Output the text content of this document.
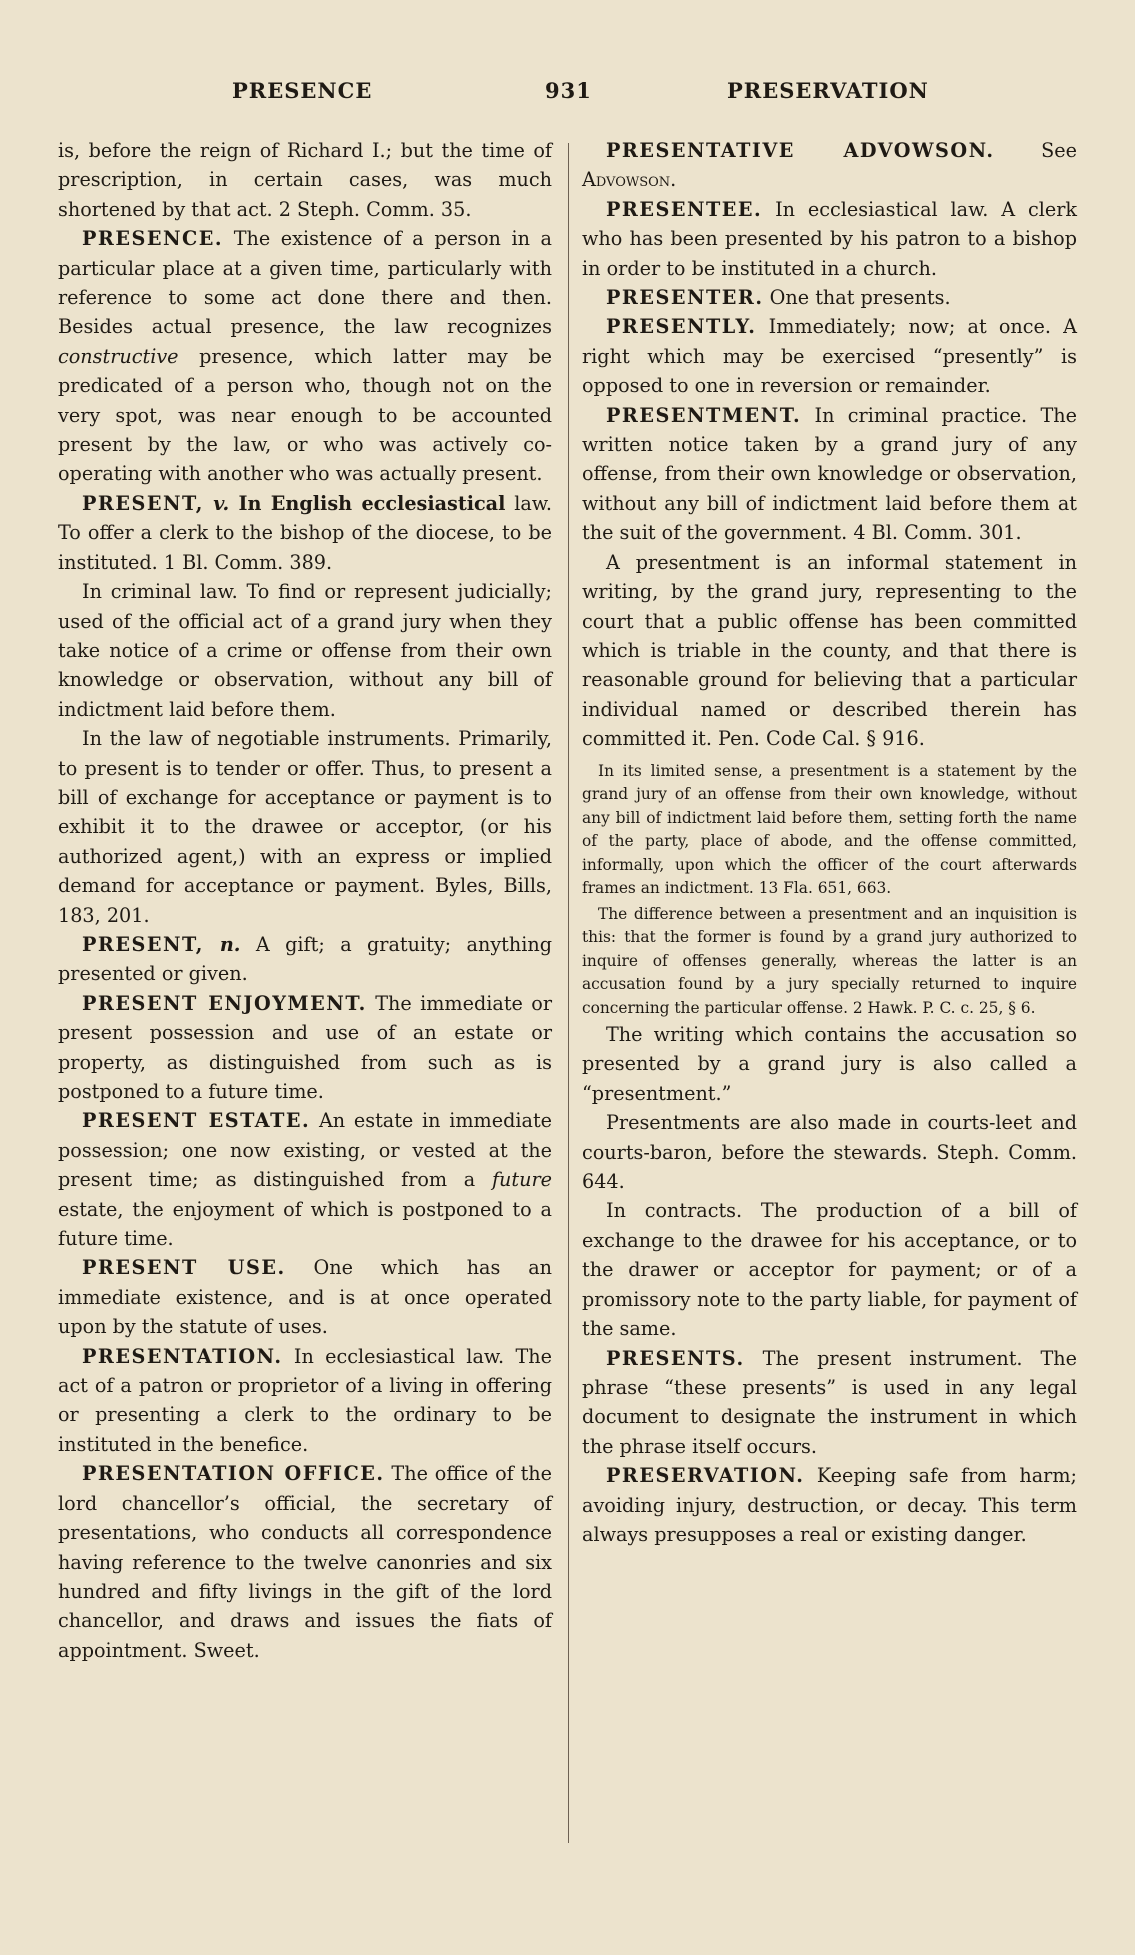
PRESENCE	931	PRESERVATION

is, before the reign of Richard I.; but the time of prescription, in certain cases, was much shortened by that act. 2 Steph. Comm. 35.

PRESENCE. The existence of a person in a particular place at a given time, particularly with reference to some act done there and then. Besides actual presence, the law recognizes constructive presence, which latter may be predicated of a person who, though not on the very spot, was near enough to be accounted present by the law, or who was actively co-operating with another who was actually present.

PRESENT, v. In English ecclesiastical law. To offer a clerk to the bishop of the diocese, to be instituted. 1 Bl. Comm. 389.

In criminal law. To find or represent judicially; used of the official act of a grand jury when they take notice of a crime or offense from their own knowledge or observation, without any bill of indictment laid before them.

In the law of negotiable instruments. Primarily, to present is to tender or offer. Thus, to present a bill of exchange for acceptance or payment is to exhibit it to the drawee or acceptor, (or his authorized agent,) with an express or implied demand for acceptance or payment. Byles, Bills, 183, 201.

PRESENT, n. A gift; a gratuity; anything presented or given.

PRESENT ENJOYMENT. The immediate or present possession and use of an estate or property, as distinguished from such as is postponed to a future time.

PRESENT ESTATE. An estate in immediate possession; one now existing, or vested at the present time; as distinguished from a future estate, the enjoyment of which is postponed to a future time.

PRESENT USE. One which has an immediate existence, and is at once operated upon by the statute of uses.

PRESENTATION. In ecclesiastical law. The act of a patron or proprietor of a living in offering or presenting a clerk to the ordinary to be instituted in the benefice.

PRESENTATION OFFICE. The office of the lord chancellor’s official, the secretary of presentations, who conducts all correspondence having reference to the twelve canonries and six hundred and fifty livings in the gift of the lord chancellor, and draws and issues the fiats of appointment. Sweet.

PRESENTATIVE ADVOWSON. See Advowson.

PRESENTEE. In ecclesiastical law. A clerk who has been presented by his patron to a bishop in order to be instituted in a church.

PRESENTER. One that presents.

PRESENTLY. Immediately; now; at once. A right which may be exercised “presently” is opposed to one in reversion or remainder.

PRESENTMENT. In criminal practice. The written notice taken by a grand jury of any offense, from their own knowledge or observation, without any bill of indictment laid before them at the suit of the government. 4 Bl. Comm. 301.

A presentment is an informal statement in writing, by the grand jury, representing to the court that a public offense has been committed which is triable in the county, and that there is reasonable ground for believing that a particular individual named or described therein has committed it. Pen. Code Cal. § 916.

In its limited sense, a presentment is a statement by the grand jury of an offense from their own knowledge, without any bill of indictment laid before them, setting forth the name of the party, place of abode, and the offense committed, informally, upon which the officer of the court afterwards frames an indictment. 13 Fla. 651, 663.

The difference between a presentment and an inquisition is this: that the former is found by a grand jury authorized to inquire of offenses generally, whereas the latter is an accusation found by a jury specially returned to inquire concerning the particular offense. 2 Hawk. P. C. c. 25, § 6.

The writing which contains the accusation so presented by a grand jury is also called a “presentment.”

Presentments are also made in courts-leet and courts-baron, before the stewards. Steph. Comm. 644.

In contracts. The production of a bill of exchange to the drawee for his acceptance, or to the drawer or acceptor for payment; or of a promissory note to the party liable, for payment of the same.

PRESENTS. The present instrument. The phrase “these presents” is used in any legal document to designate the instrument in which the phrase itself occurs.

PRESERVATION. Keeping safe from harm; avoiding injury, destruction, or decay. This term always presupposes a real or existing danger.
